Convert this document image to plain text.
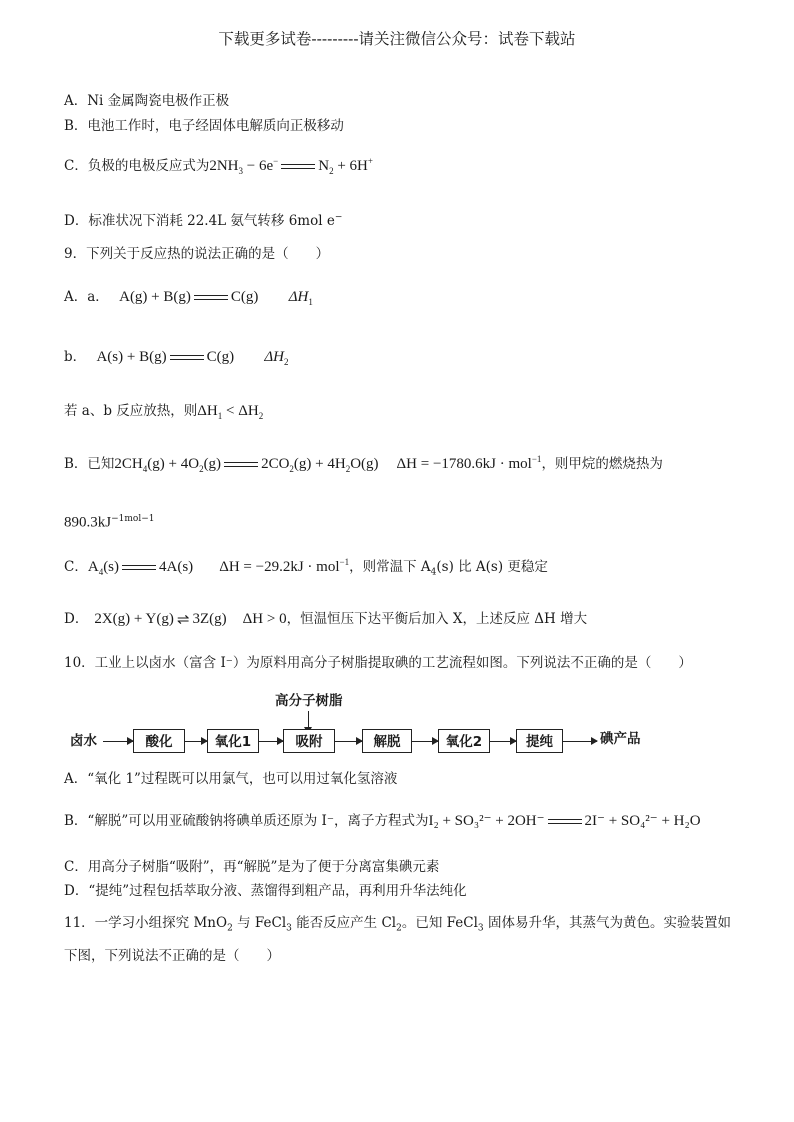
下载更多试卷---------请关注微信公众号：试卷下载站
A．Ni 金属陶瓷电极作正极
B．电池工作时，电子经固体电解质向正极移动
C．负极的电极反应式为$2NH_3 - 6e^-$	$N_2 + 6H^+$
D．标准状况下消耗 22.4L 氨气转移 6mol e−
9．下列关于反应热的说法正确的是（　　）
A．a． A(g) + B(g)	C(g) $\Delta H_1$
b． A(s) + B(g)	C(g) $\Delta H_2$
若 a、b 反应放热，则$\Delta H_1 < \Delta H_2$
B．已知$2CH_4(g) + 4O_2(g)$	$2CO_2(g) + 4H_2O(g) \Delta H = -1780.6kJ \cdot mol^{-1}$，则甲烷的燃烧热为
$890.3kJ^{-1mol-1}$
C．$A_4(s)$	4A(s) ΔH = −29.2kJ · mol$^{-1}$，则常温下 $A_4(s)$ 比 A(s) 更稳定
D． 2X(g) + Y(g) ⇌ 3Z(g) ΔH > 0，恒温恒压下达平衡后加入 X，上述反应 ΔH 增大
10．工业上以卤水（富含 I⁻）为原料用高分子树脂提取碘的工艺流程如图。下列说法不正确的是（　　）
高分子树脂
卤水	酸化	氧化1	吸附	解脱	氧化2	提纯	碘产品
A．“氧化 1”过程既可以用氯气，也可以用过氧化氢溶液
B．“解脱”可以用亚硫酸钠将碘单质还原为 I⁻，离子方程式为I₂ + SO₃²⁻ + 2OH⁻	2I⁻ + SO₄²⁻ + H₂O
C．用高分子树脂“吸附”，再“解脱”是为了便于分离富集碘元素
D．“提纯”过程包括萃取分液、蒸馏得到粗产品，再利用升华法纯化
11．一学习小组探究 MnO$_2$ 与 FeCl$_3$ 能否反应产生 $Cl_2$。已知 FeCl$_3$ 固体易升华，其蒸气为黄色。实验装置如
下图，下列说法不正确的是（　　）
